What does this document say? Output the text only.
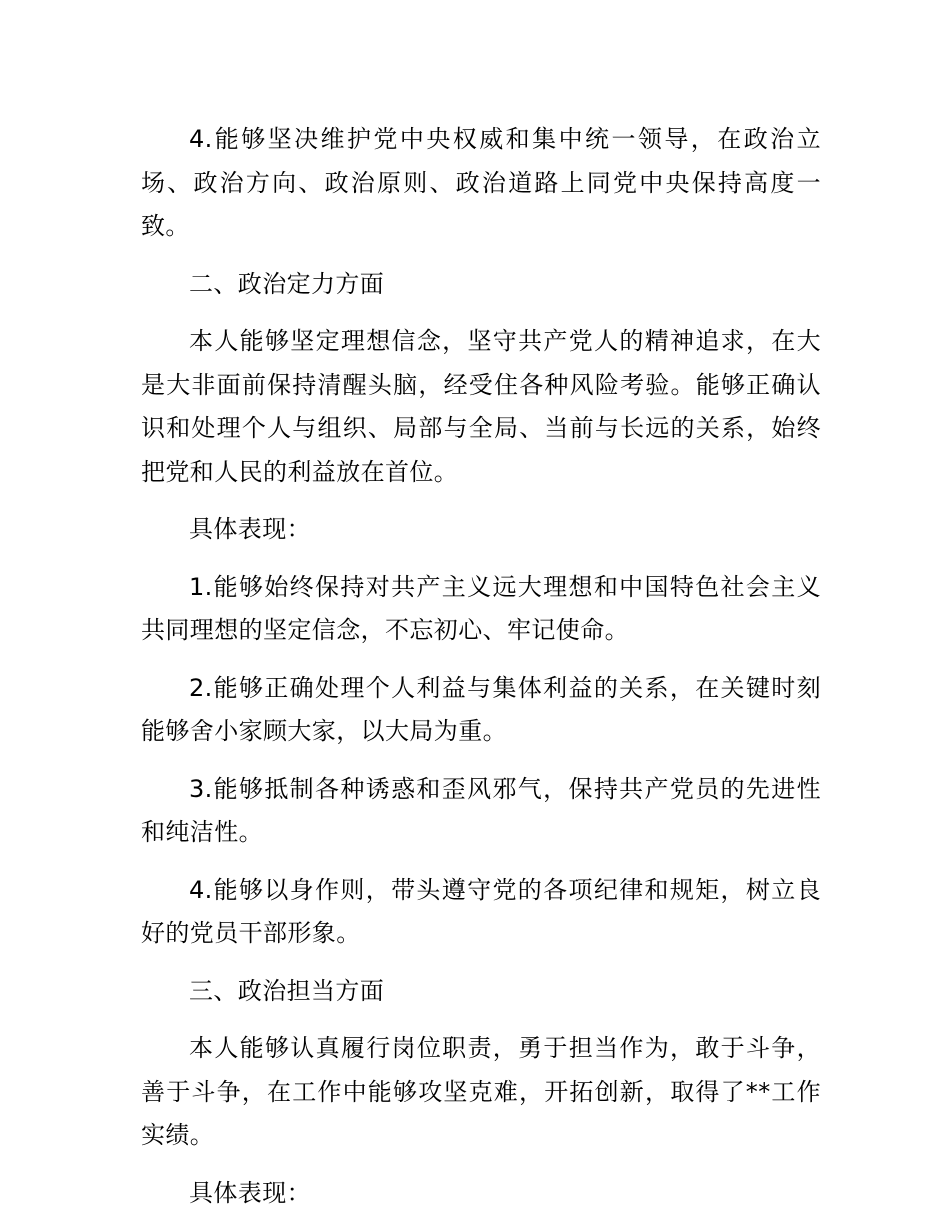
4.能够坚决维护党中央权威和集中统一领导，在政治立场、政治方向、政治原则、政治道路上同党中央保持高度一致。

二、政治定力方面

本人能够坚定理想信念，坚守共产党人的精神追求，在大是大非面前保持清醒头脑，经受住各种风险考验。能够正确认识和处理个人与组织、局部与全局、当前与长远的关系，始终把党和人民的利益放在首位。

具体表现：

1.能够始终保持对共产主义远大理想和中国特色社会主义共同理想的坚定信念，不忘初心、牢记使命。

2.能够正确处理个人利益与集体利益的关系，在关键时刻能够舍小家顾大家，以大局为重。

3.能够抵制各种诱惑和歪风邪气，保持共产党员的先进性和纯洁性。

4.能够以身作则，带头遵守党的各项纪律和规矩，树立良好的党员干部形象。

三、政治担当方面

本人能够认真履行岗位职责，勇于担当作为，敢于斗争，善于斗争，在工作中能够攻坚克难，开拓创新，取得了**工作实绩。

具体表现：
